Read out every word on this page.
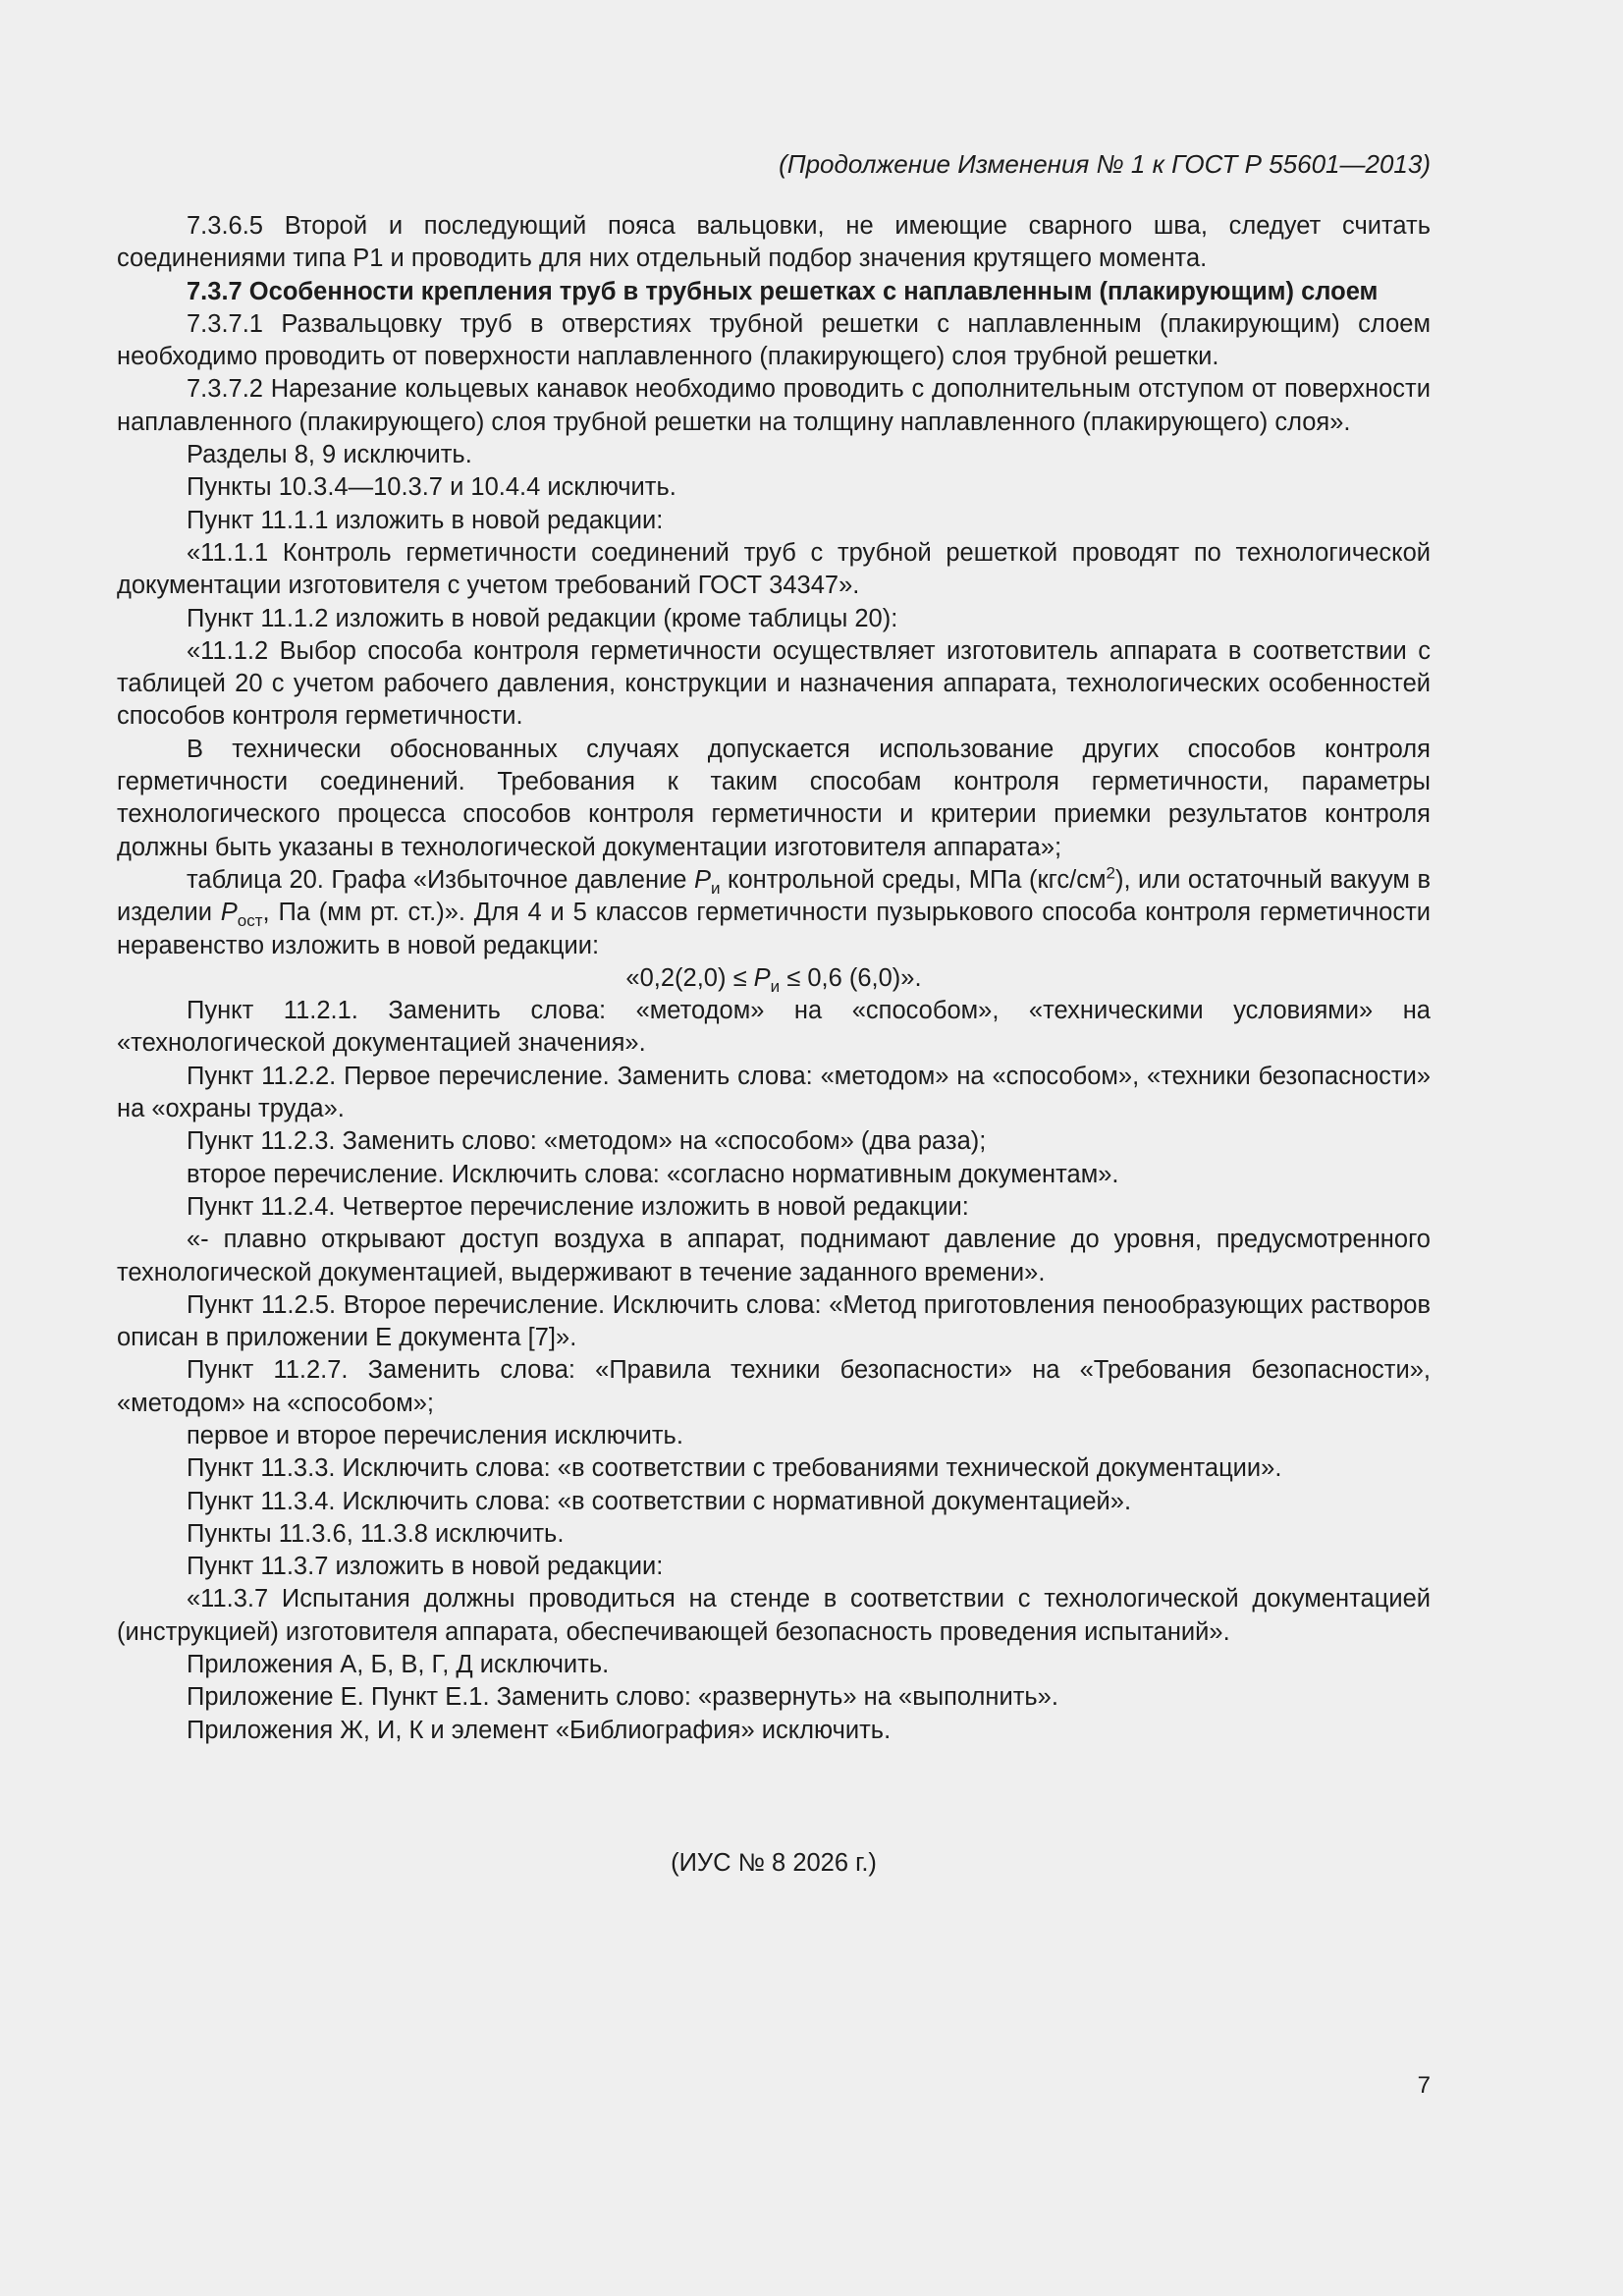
(Продолжение Изменения № 1 к ГОСТ Р 55601—2013)

7.3.6.5 Второй и последующий пояса вальцовки, не имеющие сварного шва, следует считать соединениями типа Р1 и проводить для них отдельный подбор значения крутящего момента.

7.3.7 Особенности крепления труб в трубных решетках с наплавленным (плакирующим) слоем

7.3.7.1 Развальцовку труб в отверстиях трубной решетки с наплавленным (плакирующим) слоем необходимо проводить от поверхности наплавленного (плакирующего) слоя трубной решетки.

7.3.7.2 Нарезание кольцевых канавок необходимо проводить с дополнительным отступом от поверхности наплавленного (плакирующего) слоя трубной решетки на толщину наплавленного (плакирующего) слоя».

Разделы 8, 9 исключить.

Пункты 10.3.4—10.3.7 и 10.4.4 исключить.

Пункт 11.1.1 изложить в новой редакции:

«11.1.1 Контроль герметичности соединений труб с трубной решеткой проводят по технологической документации изготовителя с учетом требований ГОСТ 34347».

Пункт 11.1.2 изложить в новой редакции (кроме таблицы 20):

«11.1.2 Выбор способа контроля герметичности осуществляет изготовитель аппарата в соответствии с таблицей 20 с учетом рабочего давления, конструкции и назначения аппарата, технологических особенностей способов контроля герметичности.

В технически обоснованных случаях допускается использование других способов контроля герметичности соединений. Требования к таким способам контроля герметичности, параметры технологического процесса способов контроля герметичности и критерии приемки результатов контроля должны быть указаны в технологической документации изготовителя аппарата»;

таблица 20. Графа «Избыточное давление $P_и$ контрольной среды, МПа $(кгс/см^2)$, или остаточный вакуум в изделии $P_{ост}$, Па (мм рт. ст.)». Для 4 и 5 классов герметичности пузырькового способа контроля герметичности неравенство изложить в новой редакции:

«$0,2(2,0) \le P_и \le 0,6$ (6,0)».

Пункт 11.2.1. Заменить слова: «методом» на «способом», «техническими условиями» на «технологической документацией значения».

Пункт 11.2.2. Первое перечисление. Заменить слова: «методом» на «способом», «техники безопасности» на «охраны труда».

Пункт 11.2.3. Заменить слово: «методом» на «способом» (два раза);

второе перечисление. Исключить слова: «согласно нормативным документам».

Пункт 11.2.4. Четвертое перечисление изложить в новой редакции:

«- плавно открывают доступ воздуха в аппарат, поднимают давление до уровня, предусмотренного технологической документацией, выдерживают в течение заданного времени».

Пункт 11.2.5. Второе перечисление. Исключить слова: «Метод приготовления пенообразующих растворов описан в приложении Е документа [7]».

Пункт 11.2.7. Заменить слова: «Правила техники безопасности» на «Требования безопасности», «методом» на «способом»;

первое и второе перечисления исключить.

Пункт 11.3.3. Исключить слова: «в соответствии с требованиями технической документации».

Пункт 11.3.4. Исключить слова: «в соответствии с нормативной документацией».

Пункты 11.3.6, 11.3.8 исключить.

Пункт 11.3.7 изложить в новой редакции:

«11.3.7 Испытания должны проводиться на стенде в соответствии с технологической документацией (инструкцией) изготовителя аппарата, обеспечивающей безопасность проведения испытаний».

Приложения А, Б, В, Г, Д исключить.

Приложение Е. Пункт Е.1. Заменить слово: «развернуть» на «выполнить».

Приложения Ж, И, К и элемент «Библиография» исключить.

(ИУС № 8 2026 г.)
7
